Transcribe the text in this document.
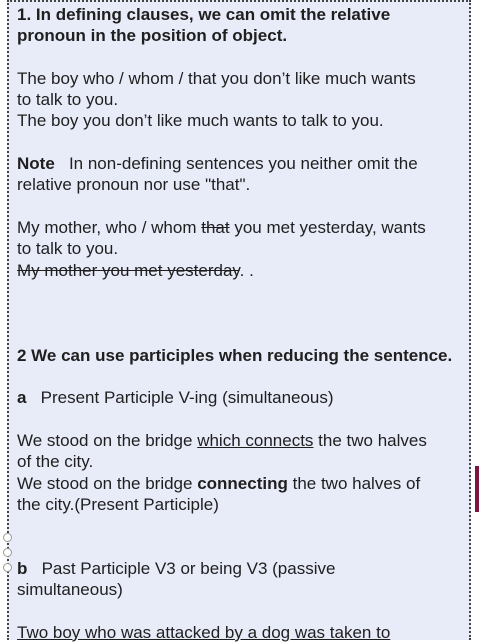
1. In defining clauses, we can omit the relative
pronoun in the position of object.

The boy who / whom / that you don’t like much wants
to talk to you.
The boy you don’t like much wants to talk to you.

Note In non-defining sentences you neither omit the
relative pronoun nor use "that".

My mother, who / whom that you met yesterday, wants
to talk to you.
My mother you met yesterday. .

2 We can use participles when reducing the sentence.

a Present Participle V-ing (simultaneous)

We stood on the bridge which connects the two halves
of the city.
We stood on the bridge connecting the two halves of
the city.(Present Participle)

b Past Participle V3 or being V3 (passive
simultaneous)

Two boy who was attacked by a dog was taken to
